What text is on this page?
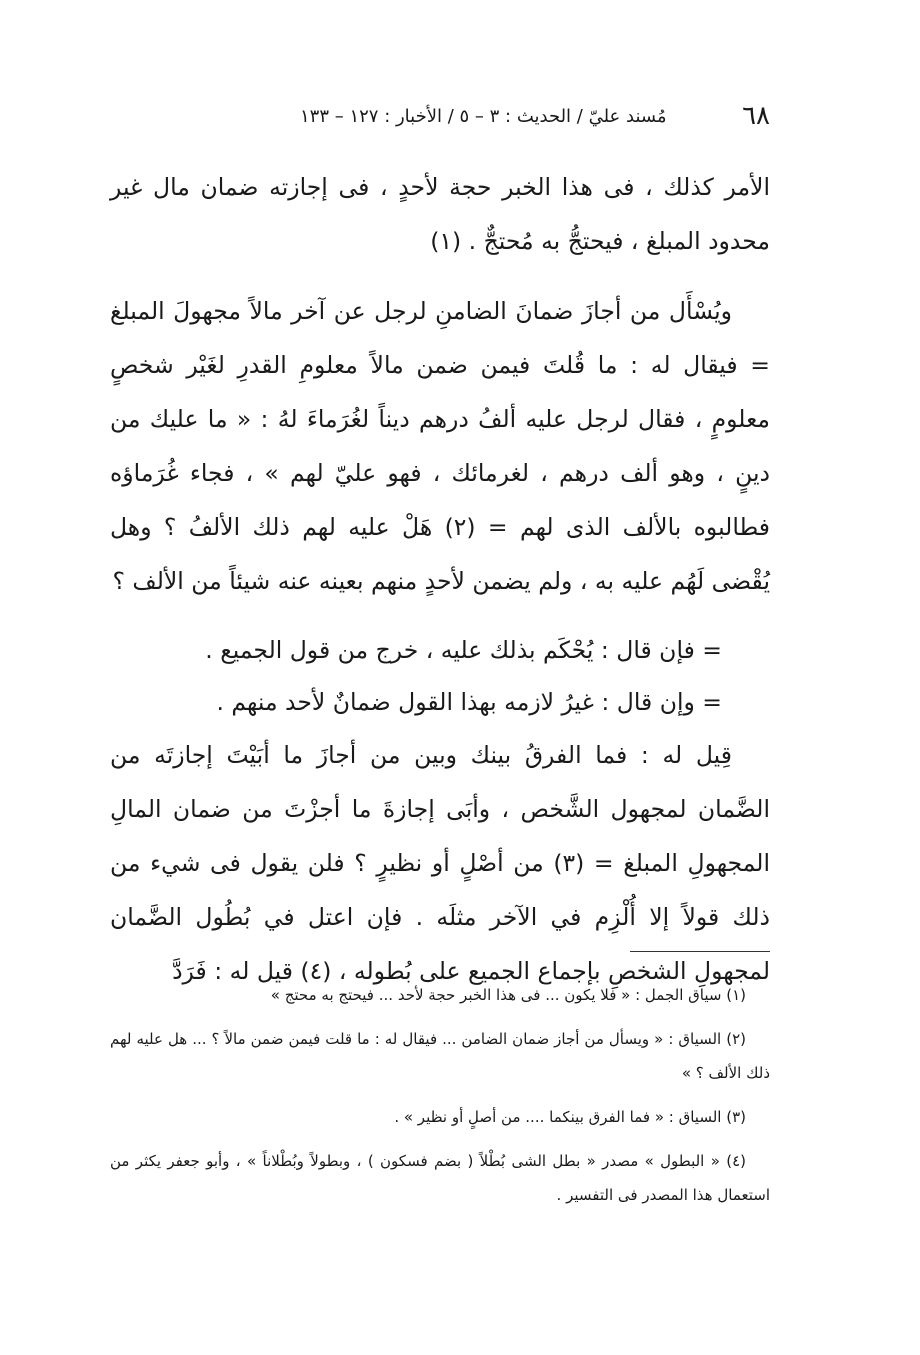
٦٨
مُسند عليّ / الحديث : ٣ – ٥ / الأخبار : ١٢٧ – ١٣٣

الأمر كذلك ، فى هذا الخبر حجة لأحدٍ ، فى إجازته ضمان مال غير محدود المبلغ ، فيحتجُّ به مُحتجٌّ . (١)

ويُسْأَل من أجازَ ضمانَ الضامنِ لرجل عن آخر مالاً مجهولَ المبلغ = فيقال له : ما قُلتَ فيمن ضمن مالاً معلومِ القدرِ لغَيْر شخصٍ معلومٍ ، فقال لرجل عليه ألفُ درهم ديناً لغُرَماءَ لهُ : « ما عليك من دينٍ ، وهو ألف درهم ، لغرمائك ، فهو عليّ لهم » ، فجاء غُرَماؤه فطالبوه بالألف الذى لهم = (٢) هَلْ عليه لهم ذلك الألفُ ؟ وهل يُقْضى لَهُم عليه به ، ولم يضمن لأحدٍ منهم بعينه عنه شيئاً من الألف ؟

= فإن قال : يُحْكَم بذلك عليه ، خرج من قول الجميع .

= وإن قال : غيرُ لازمه بهذا القول ضمانٌ لأحد منهم .

قِيل له : فما الفرقُ بينك وبين من أجازَ ما أبَيْتَ إجازتَه من الضَّمان لمجهول الشَّخص ، وأبَى إجازةَ ما أجزْتَ من ضمان المالِ المجهولِ المبلغ = (٣) من أصْلٍ أو نظيرٍ ؟ فلن يقول فى شيء من ذلك قولاً إلا أُلْزِم في الآخر مثلَه . فإن اعتل في بُطُول الضَّمان لمجهولِ الشخصِ بإجماع الجميع على بُطوله ، (٤) قيل له : فَرَدَّ

(١) سياق الجمل : « فلا يكون ... فى هذا الخبر حجة لأحد ... فيحتج به محتج »

(٢) السياق : « ويسأل من أجاز ضمان الضامن ... فيقال له : ما قلت فيمن ضمن مالاً ؟ ... هل عليه لهم ذلك الألف ؟ »

(٣) السياق : « فما الفرق بينكما .... من أصلٍ أو نظير » .

(٤) « البطول » مصدر « بطل الشى بُطْلاً ( بضم فسكون ) ، وبطولاً وبُطْلاناً » ، وأبو جعفر يكثر من استعمال هذا المصدر فى التفسير .
